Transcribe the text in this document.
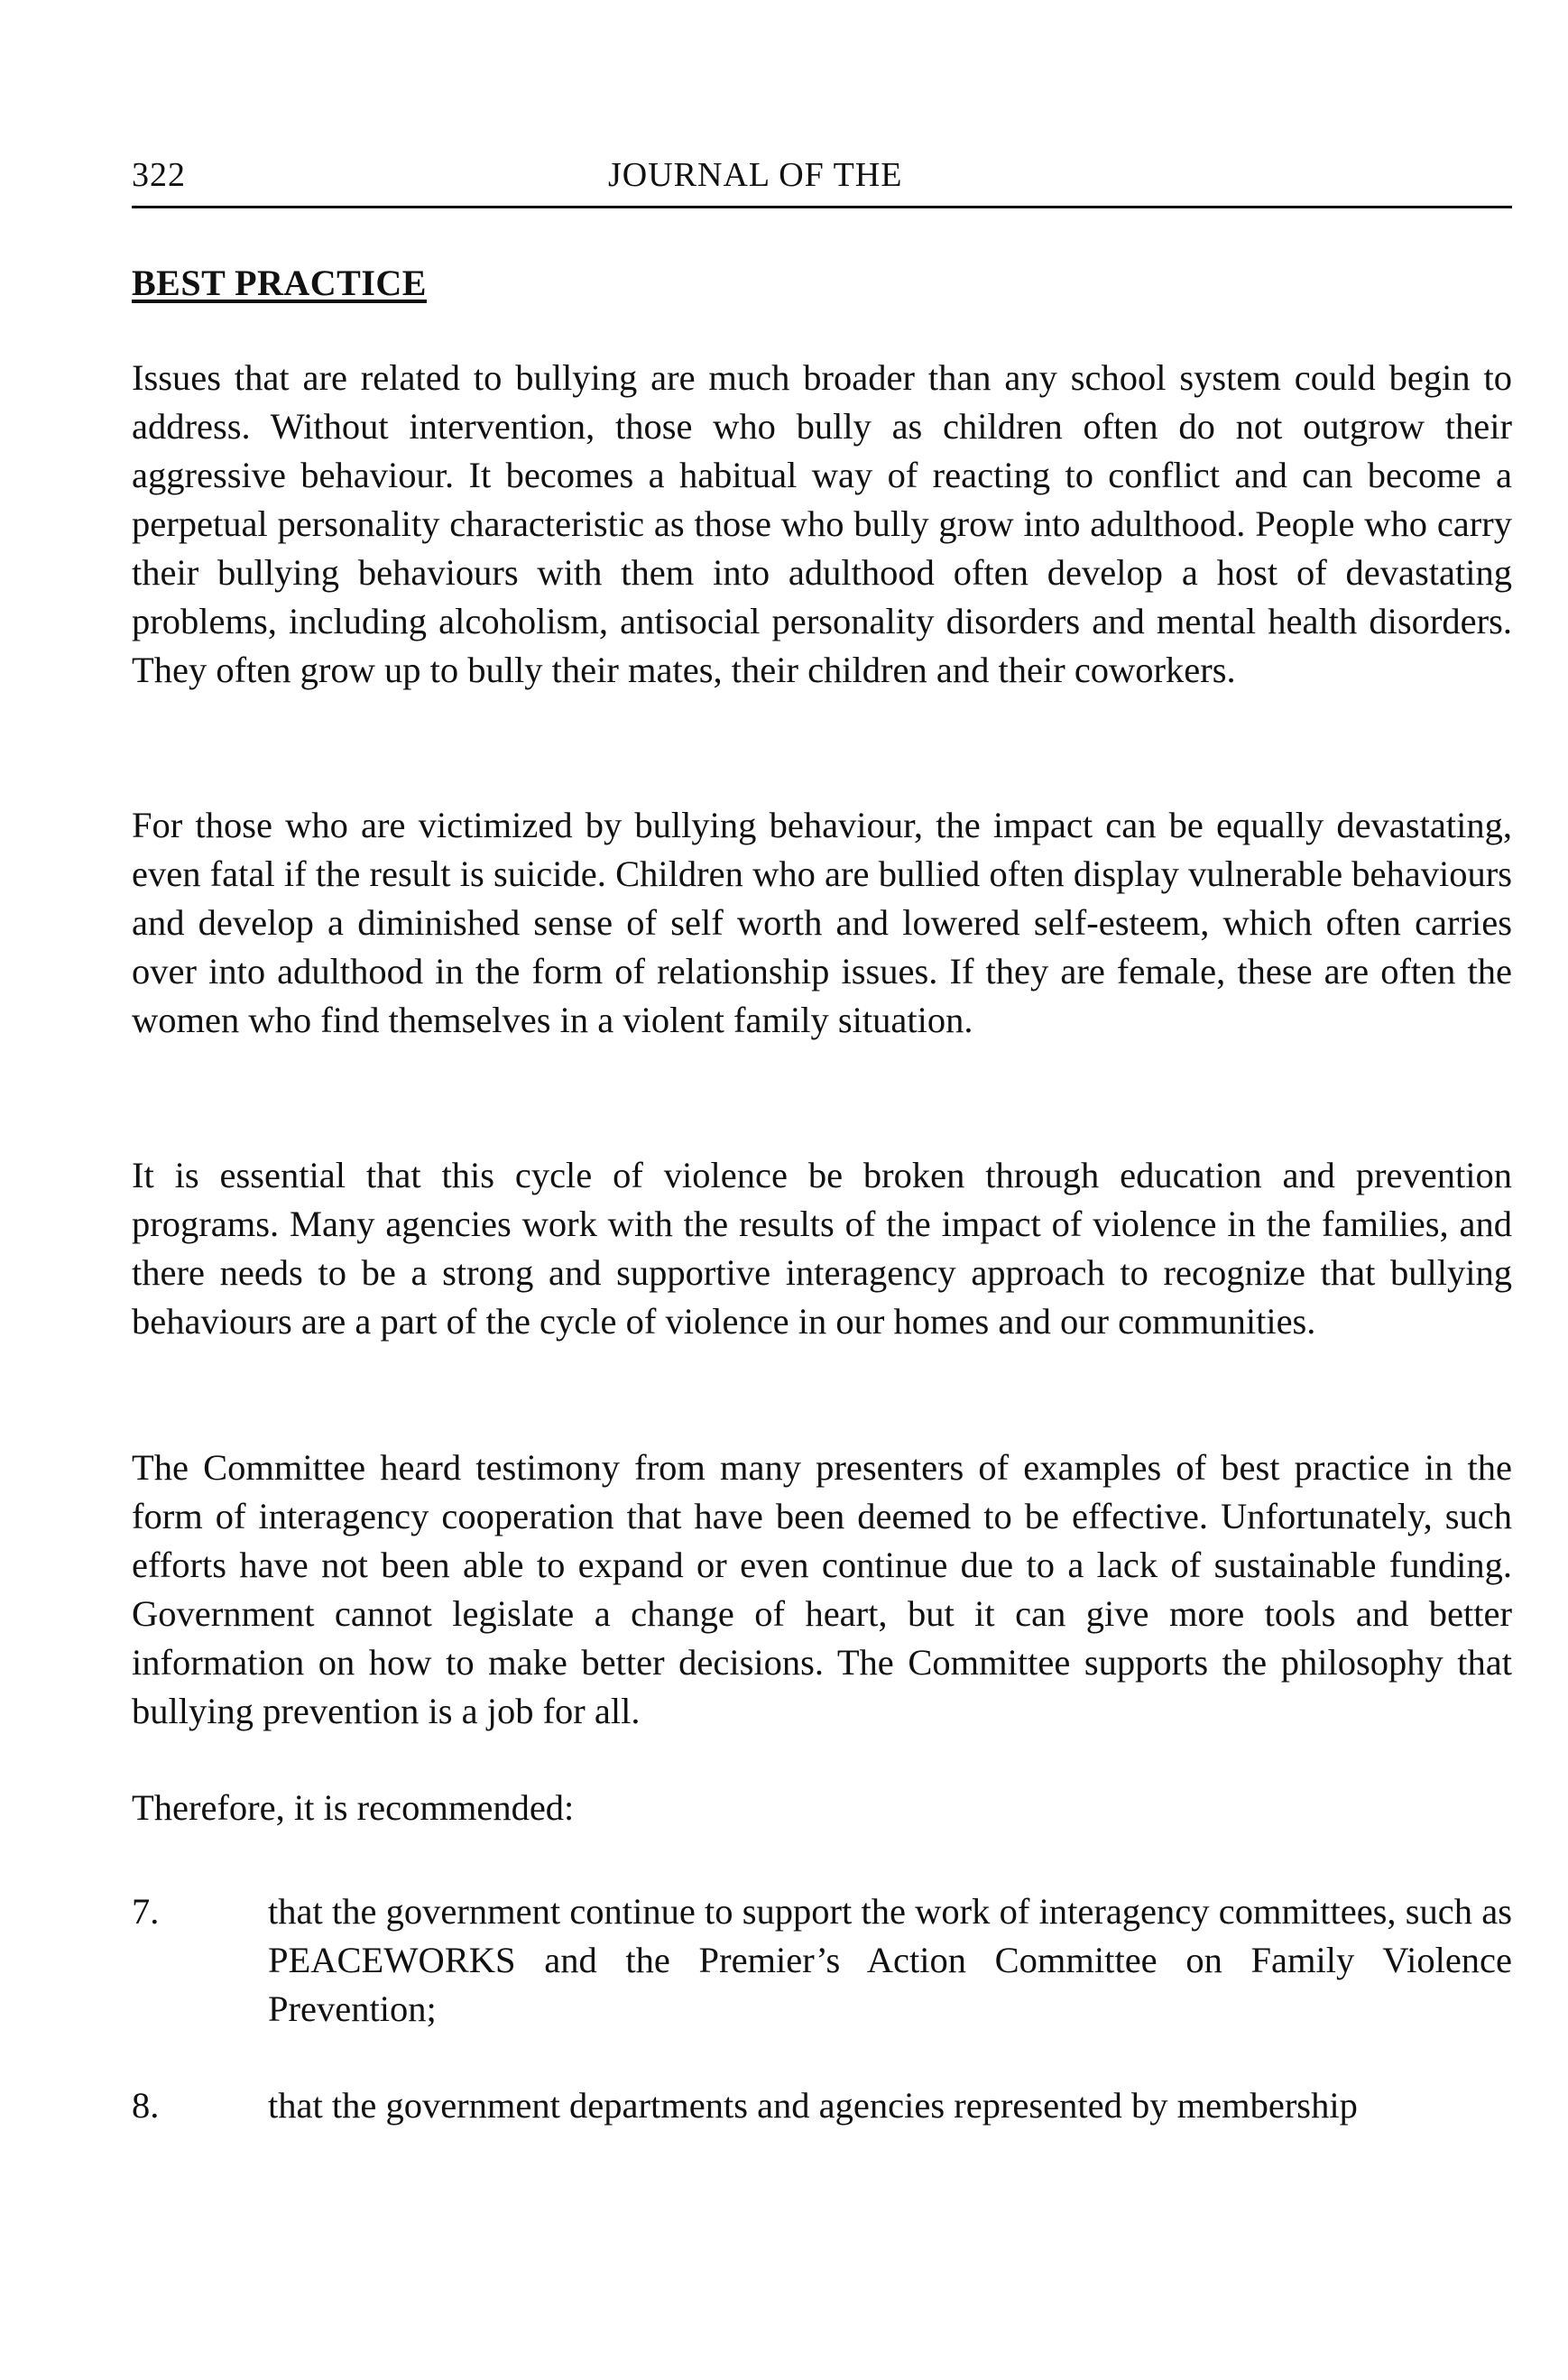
322	JOURNAL OF THE
BEST PRACTICE

Issues that are related to bullying are much broader than any school system could begin to address. Without intervention, those who bully as children often do not outgrow their aggressive behaviour. It becomes a habitual way of reacting to conflict and can become a perpetual personality characteristic as those who bully grow into adulthood. People who carry their bullying behaviours with them into adulthood often develop a host of devastating problems, including alcoholism, antisocial personality disorders and mental health disorders. They often grow up to bully their mates, their children and their coworkers.

For those who are victimized by bullying behaviour, the impact can be equally devastating, even fatal if the result is suicide. Children who are bullied often display vulnerable behaviours and develop a diminished sense of self worth and lowered self-esteem, which often carries over into adulthood in the form of relationship issues. If they are female, these are often the women who find themselves in a violent family situation.

It is essential that this cycle of violence be broken through education and prevention programs. Many agencies work with the results of the impact of violence in the families, and there needs to be a strong and supportive interagency approach to recognize that bullying behaviours are a part of the cycle of violence in our homes and our communities.

The Committee heard testimony from many presenters of examples of best practice in the form of interagency cooperation that have been deemed to be effective. Unfortunately, such efforts have not been able to expand or even continue due to a lack of sustainable funding. Government cannot legislate a change of heart, but it can give more tools and better information on how to make better decisions. The Committee supports the philosophy that bullying prevention is a job for all.

Therefore, it is recommended:

7.	that the government continue to support the work of interagency committees, such as PEACEWORKS and the Premier’s Action Committee on Family Violence Prevention;

8.	that the government departments and agencies represented by membership
